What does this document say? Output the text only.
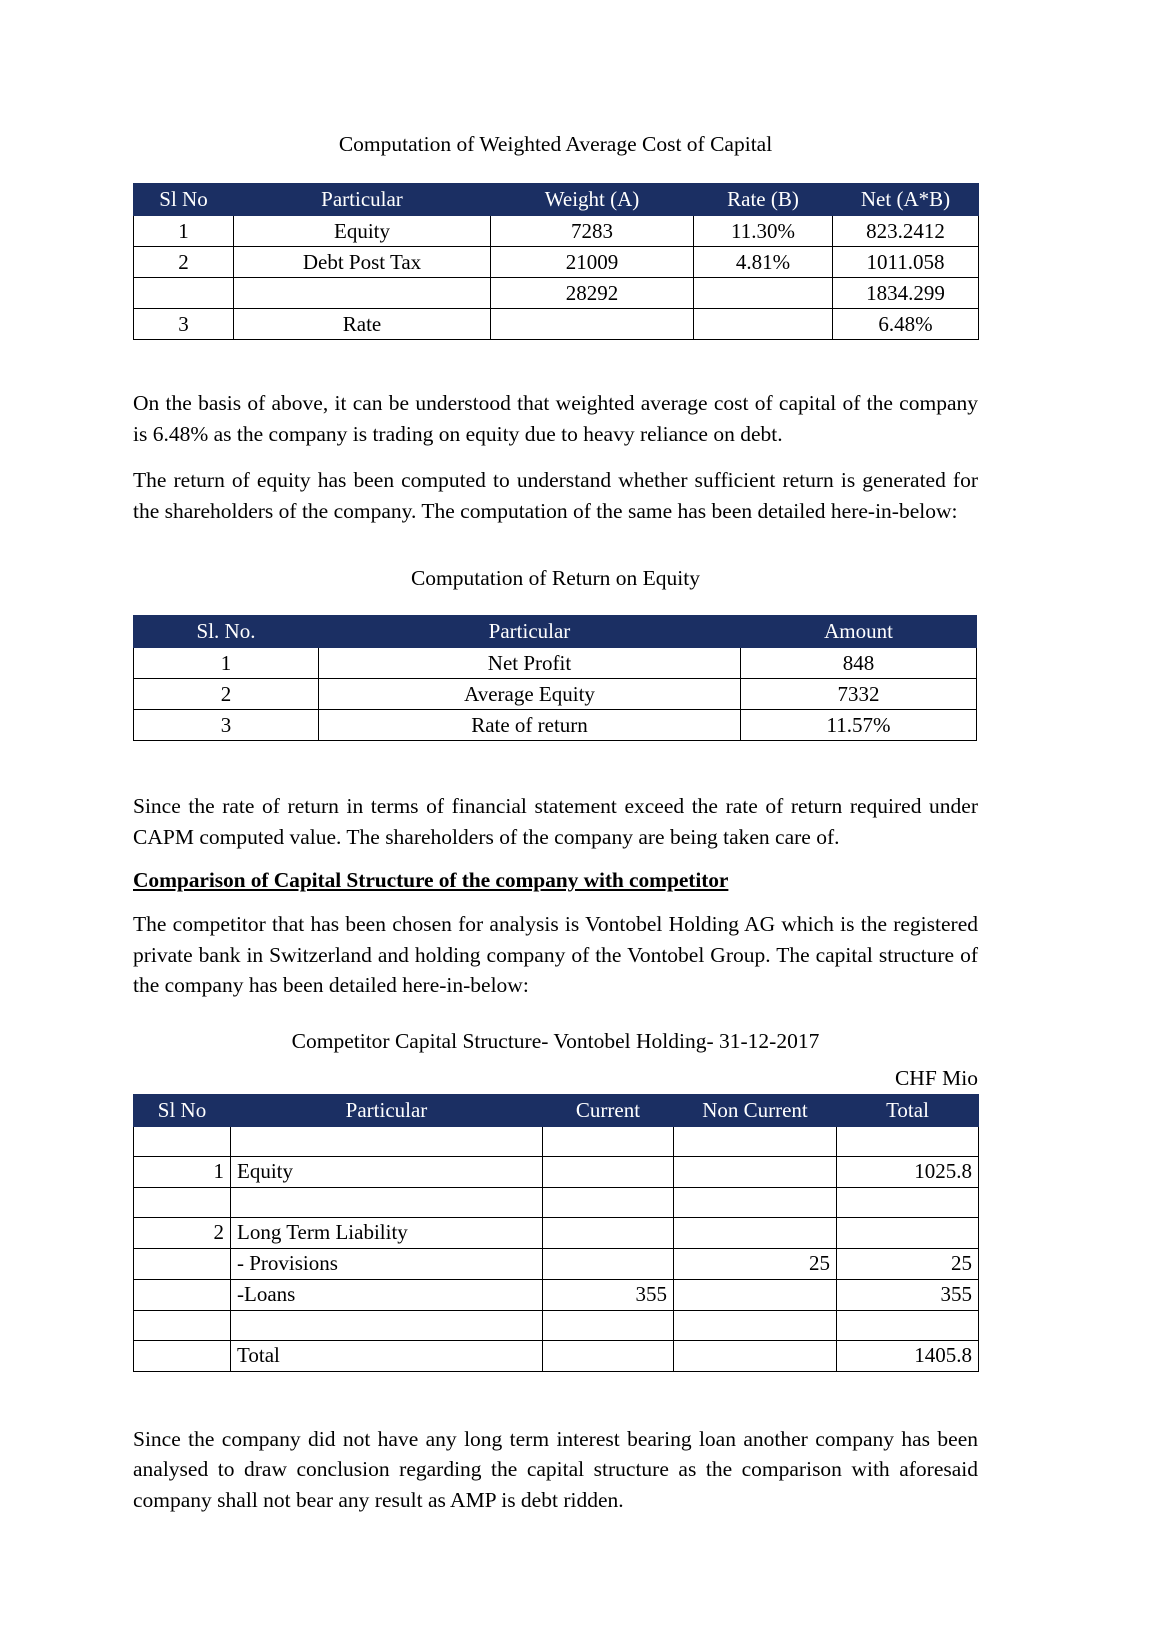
Computation of Weighted Average Cost of Capital
Sl No	Particular	Weight (A)	Rate (B)	Net (A*B)
1	Equity	7283	11.30%	823.2412
2	Debt Post Tax	21009	4.81%	1011.058
		28292		1834.299
3	Rate			6.48%

On the basis of above, it can be understood that weighted average cost of capital of the company is 6.48% as the company is trading on equity due to heavy reliance on debt.

The return of equity has been computed to understand whether sufficient return is generated for the shareholders of the company. The computation of the same has been detailed here-in-below:

Computation of Return on Equity
Sl. No.	Particular	Amount
1	Net Profit	848
2	Average Equity	7332
3	Rate of return	11.57%

Since the rate of return in terms of financial statement exceed the rate of return required under CAPM computed value. The shareholders of the company are being taken care of.

Comparison of Capital Structure of the company with competitor

The competitor that has been chosen for analysis is Vontobel Holding AG which is the registered private bank in Switzerland and holding company of the Vontobel Group. The capital structure of the company has been detailed here-in-below:

Competitor Capital Structure- Vontobel Holding- 31-12-2017
CHF Mio
Sl No	Particular	Current	Non Current	Total

1	Equity			1025.8

2	Long Term Liability			
	- Provisions		25	25
	-Loans	355		355

	Total			1405.8

Since the company did not have any long term interest bearing loan another company has been analysed to draw conclusion regarding the capital structure as the comparison with aforesaid company shall not bear any result as AMP is debt ridden.
